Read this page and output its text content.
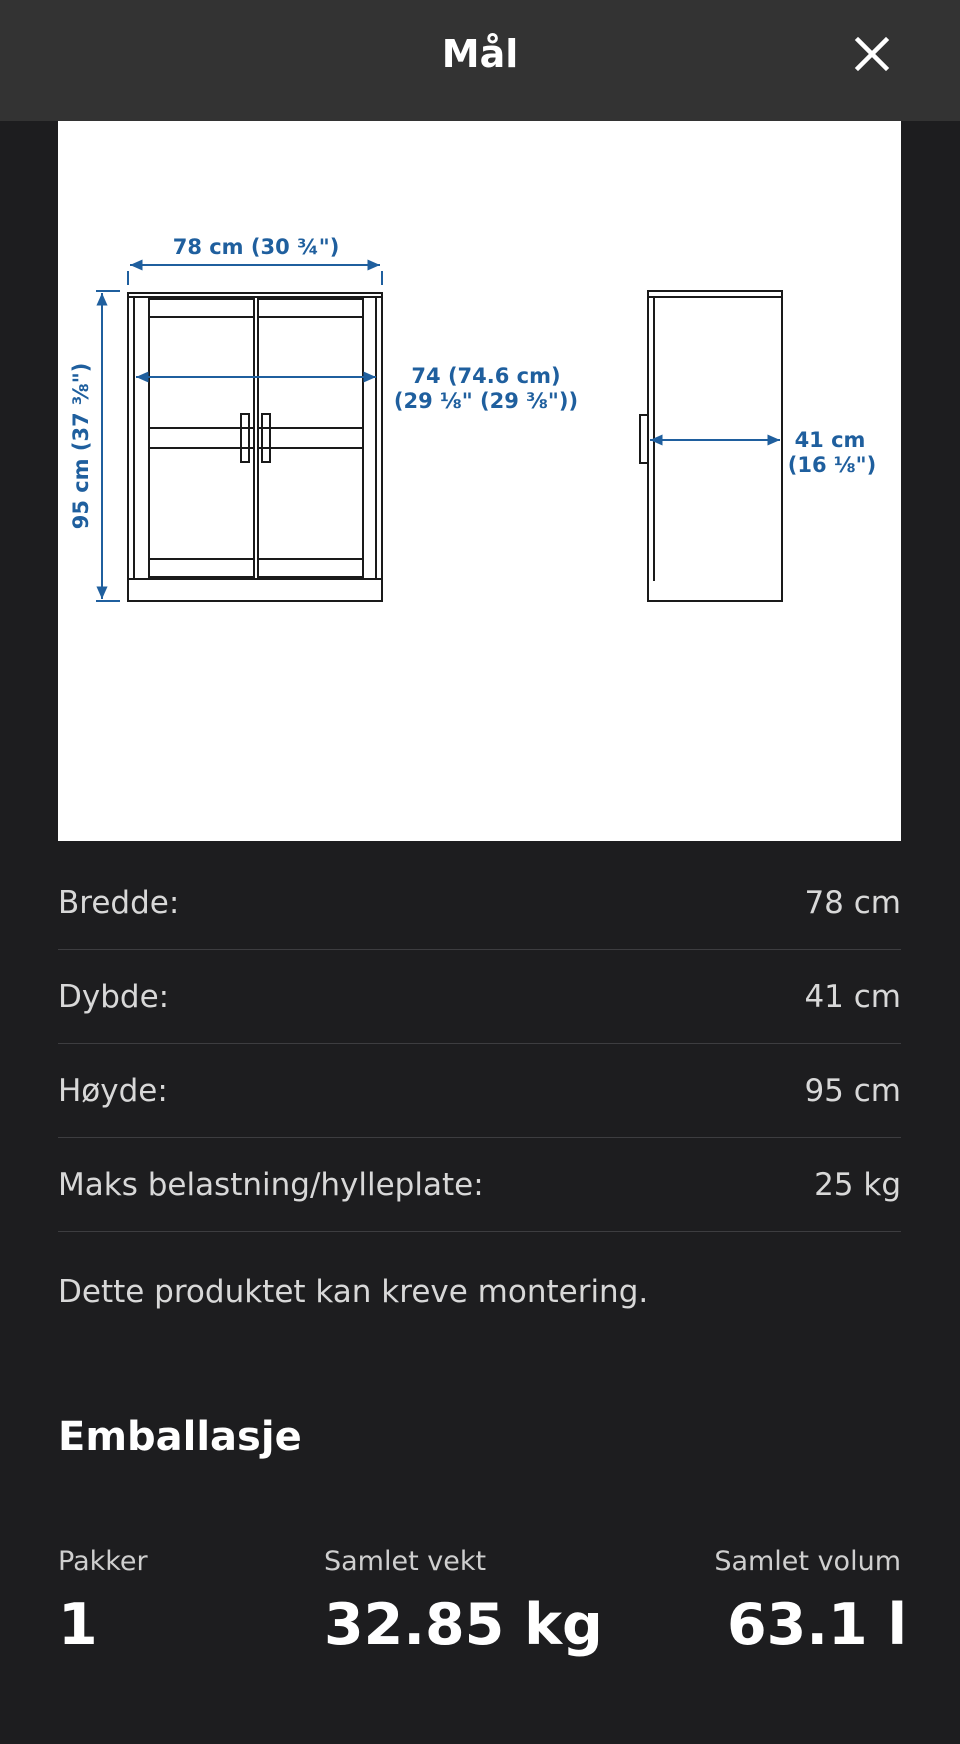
Mål
78 cm (30 ¾")
74 (74.6 cm)
(29 ⅛" (29 ⅜"))
41 cm
(16 ⅛")
95 cm (37 ⅜")
Bredde:	78 cm
Dybde:	41 cm
Høyde:	95 cm
Maks belastning/hylleplate:	25 kg
Dette produktet kan kreve montering.
Emballasje
Pakker
1
Samlet vekt
32.85 kg
Samlet volum
63.1 l
